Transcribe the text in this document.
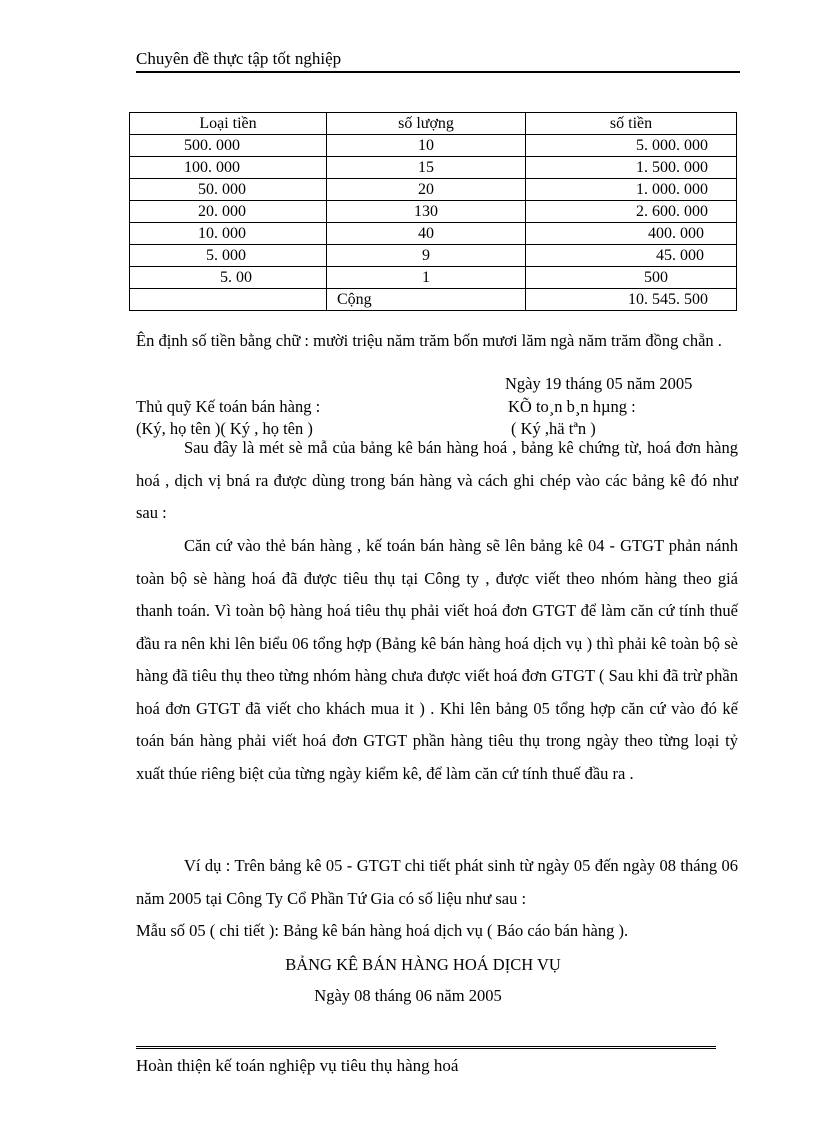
Chuyên đề thực tập tốt nghiệp
Loại tiền	số lượng	số tiền
500. 000	10	5. 000. 000
100. 000	15	1. 500. 000
50. 000	20	1. 000. 000
20. 000	130	2. 600. 000
10. 000	40	400. 000
5. 000	9	45. 000
5. 00	1	500
	Cộng	10. 545. 500
Ên định số tiền bằng chữ : mười triệu năm trăm bốn mươi lăm ngà năm trăm đồng chẵn .
Ngày 19 tháng 05 năm 2005
Thủ quỹ Kế toán bán hàng :	KÕ to¸n b¸n hµng :
(Ký, họ tên )( Ký , họ tên )	( Ký ,hä tªn )
Sau đây là mét sè mẫ của bảng kê bán hàng hoá , bảng kê chứng từ, hoá đơn hàng hoá , dịch vị bná ra được dùng trong bán hàng và cách ghi chép vào các bảng kê đó như sau :
Căn cứ vào thẻ bán hàng , kế toán bán hàng sẽ lên bảng kê 04 - GTGT phản nánh toàn bộ sè hàng hoá đã được tiêu thụ tại Công ty , được viết theo nhóm hàng theo giá thanh toán. Vì toàn bộ hàng hoá tiêu thụ phải viết hoá đơn GTGT để làm căn cứ tính thuế đầu ra nên khi lên biểu 06 tổng hợp (Bảng kê bán hàng hoá dịch vụ ) thì phải kê toàn bộ sè hàng đã tiêu thụ theo từng nhóm hàng chưa được viết hoá đơn GTGT ( Sau khi đã trừ phần hoá đơn GTGT đã viết cho khách mua it ) . Khi lên bảng 05 tổng hợp căn cứ vào đó kế toán bán hàng phải viết hoá đơn GTGT phần hàng tiêu thụ trong ngày theo từng loại tỷ xuất thúe riêng biệt của từng ngày kiểm kê, để làm căn cứ tính thuế đầu ra .
Ví dụ : Trên bảng kê 05 - GTGT chi tiết phát sinh từ ngày 05 đến ngày 08 tháng 06 năm 2005 tại Công Ty Cổ Phần Tứ Gia có số liệu như sau :
Mẫu số 05 ( chi tiết ): Bảng kê bán hàng hoá dịch vụ ( Báo cáo bán hàng ).
BẢNG KÊ BÁN HÀNG HOÁ DỊCH VỤ
Ngày 08 tháng 06 năm 2005
Hoàn thiện kế toán nghiệp vụ tiêu thụ hàng hoá
